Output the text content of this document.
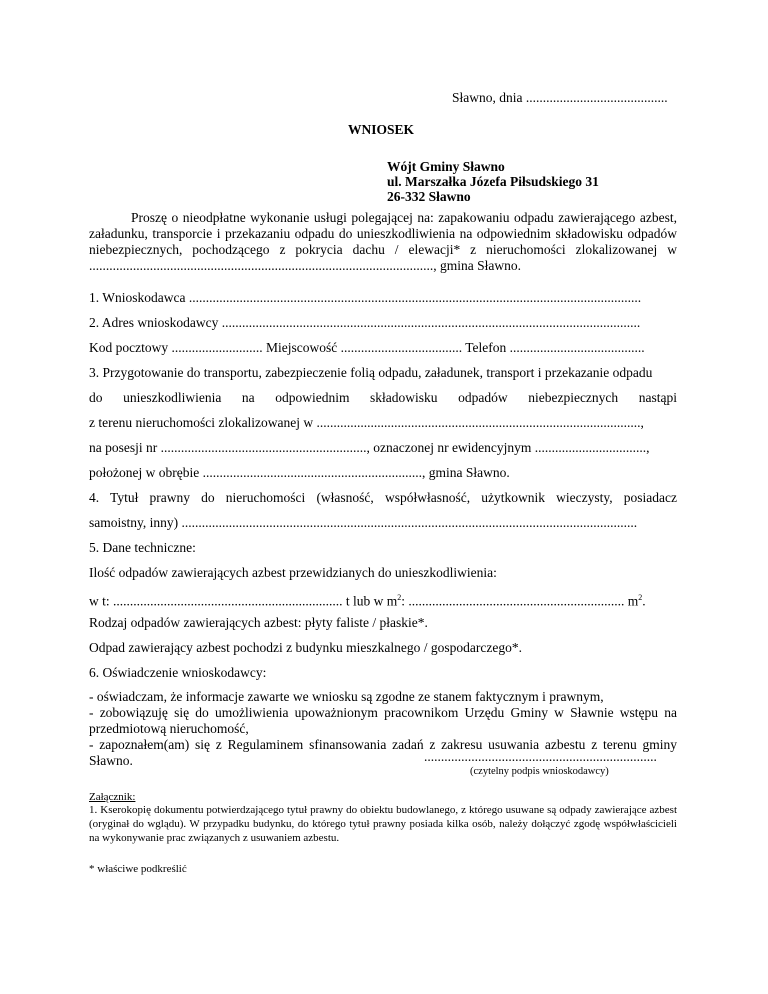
Sławno, dnia ..........................................
WNIOSEK
Wójt Gminy Sławno
ul. Marszałka Józefa Piłsudskiego 31
26-332 Sławno
Proszę o nieodpłatne wykonanie usługi polegającej na: zapakowaniu odpadu zawierającego azbest, załadunku, transporcie i przekazaniu odpadu do unieszkodliwienia na odpowiednim składowisku odpadów niebezpiecznych, pochodzącego z pokrycia dachu / elewacji* z nieruchomości zlokalizowanej w ......................................................................................................, gmina Sławno.
1. Wnioskodawca ......................................................................................................................................
2. Adres wnioskodawcy ............................................................................................................................
Kod pocztowy ........................... Miejscowość .................................... Telefon ........................................
3. Przygotowanie do transportu, zabezpieczenie folią odpadu, załadunek, transport i przekazanie odpadu
do unieszkodliwienia na odpowiednim składowisku odpadów niebezpiecznych nastąpi
z terenu nieruchomości zlokalizowanej w ................................................................................................,
na posesji nr ............................................................., oznaczonej nr ewidencyjnym .................................,
położonej w obrębie ................................................................., gmina Sławno.
4. Tytuł prawny do nieruchomości (własność, współwłasność, użytkownik wieczysty, posiadacz
samoistny, inny) .......................................................................................................................................
5. Dane techniczne:
Ilość odpadów zawierających azbest przewidzianych do unieszkodliwienia:
w t: .................................................................... t lub w $m^2$: ................................................................ $m^2$.
Rodzaj odpadów zawierających azbest: płyty faliste / płaskie*.
Odpad zawierający azbest pochodzi z budynku mieszkalnego / gospodarczego*.
6. Oświadczenie wnioskodawcy:
- oświadczam, że informacje zawarte we wniosku są zgodne ze stanem faktycznym i prawnym,
- zobowiązuję się do umożliwienia upoważnionym pracownikom Urzędu Gminy w Sławnie wstępu na przedmiotową nieruchomość,
- zapoznałem(am) się z Regulaminem sfinansowania zadań z zakresu usuwania azbestu z terenu gminy Sławno.	.....................................................................
(czytelny podpis wnioskodawcy)
Załącznik:
1. Kserokopię dokumentu potwierdzającego tytuł prawny do obiektu budowlanego, z którego usuwane są odpady zawierające azbest (oryginał do wglądu). W przypadku budynku, do którego tytuł prawny posiada kilka osób, należy dołączyć zgodę współwłaścicieli na wykonywanie prac związanych z usuwaniem azbestu.
* właściwe podkreślić
